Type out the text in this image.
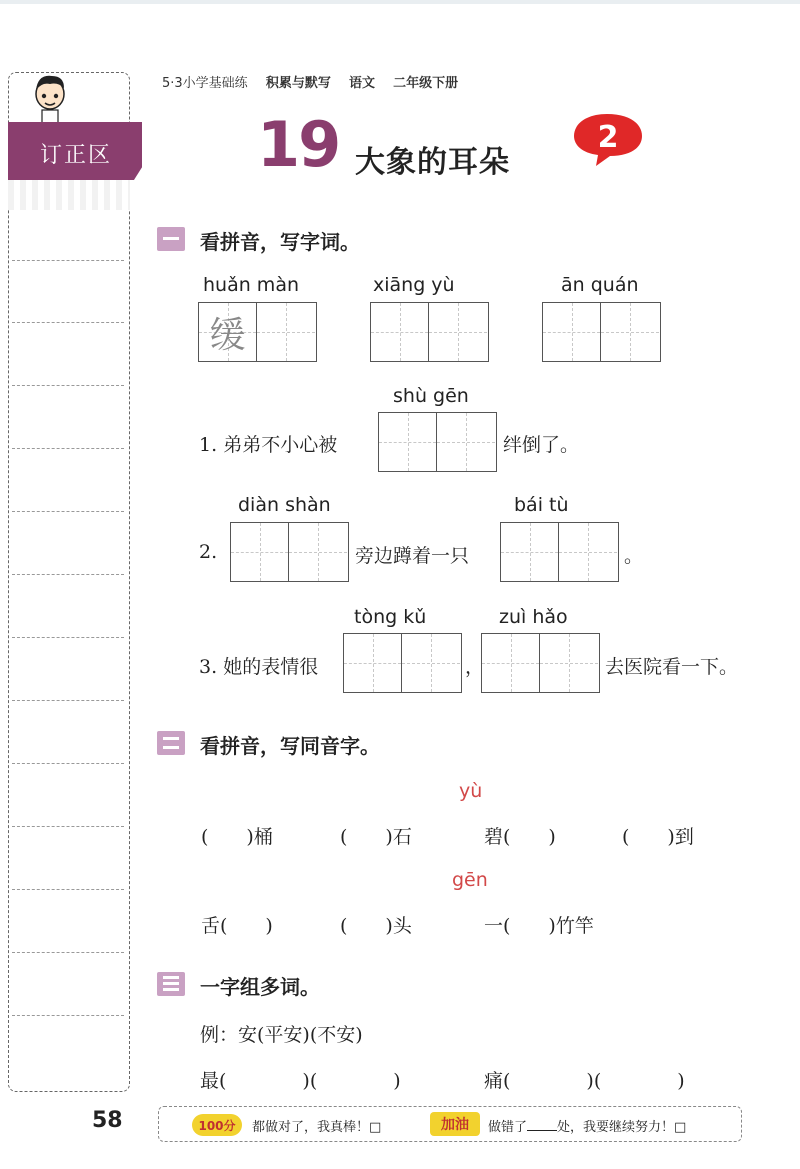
订正区
5·3小学基础练 积累与默写 语文 二年级下册
19 大象的耳朵
2
看拼音，写字词。
huǎn màn	xiāng yù	ān quán
缓
shù gēn
1. 弟弟不小心被	绊倒了。
diàn shàn	bái tù
2.	旁边蹲着一只	。
tòng kǔ	zuì hǎo
3. 她的表情很	，	去医院看一下。
看拼音，写同音字。
yù
(　　)桶	(　　)石	碧(　　)	(　　)到
gēn
舌(　　)	(　　)头	一(　　)竹竿
一字组多词。
例：安(平安)(不安)
最(　　　　)(　　　　)	痛(　　　　)(　　　　)
58	100分	都做对了，我真棒！□	加油	做错了 处，我要继续努力！□
